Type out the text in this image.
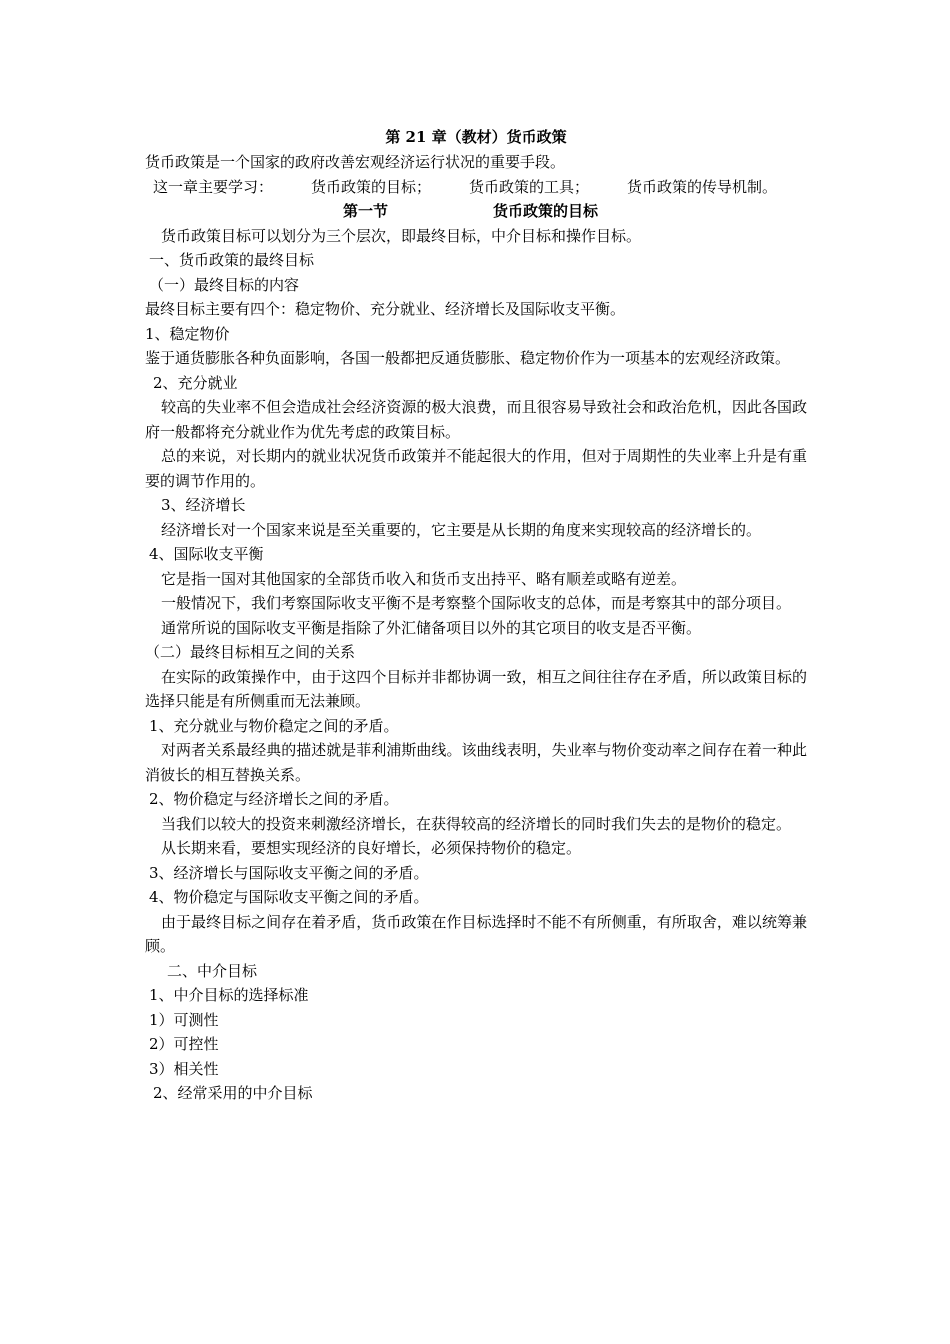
第 21 章（教材）货币政策
货币政策是一个国家的政府改善宏观经济运行状况的重要手段。
这一章主要学习：	货币政策的目标；	货币政策的工具；	货币政策的传导机制。
第一节	货币政策的目标
货币政策目标可以划分为三个层次，即最终目标，中介目标和操作目标。
一、货币政策的最终目标
（一）最终目标的内容
最终目标主要有四个：稳定物价、充分就业、经济增长及国际收支平衡。
1、稳定物价
鉴于通货膨胀各种负面影响，各国一般都把反通货膨胀、稳定物价作为一项基本的宏观经济政策。
2、充分就业
较高的失业率不但会造成社会经济资源的极大浪费，而且很容易导致社会和政治危机，因此各国政府一般都将充分就业作为优先考虑的政策目标。
总的来说，对长期内的就业状况货币政策并不能起很大的作用，但对于周期性的失业率上升是有重要的调节作用的。
3、经济增长
经济增长对一个国家来说是至关重要的，它主要是从长期的角度来实现较高的经济增长的。
4、国际收支平衡
它是指一国对其他国家的全部货币收入和货币支出持平、略有顺差或略有逆差。
一般情况下，我们考察国际收支平衡不是考察整个国际收支的总体，而是考察其中的部分项目。
通常所说的国际收支平衡是指除了外汇储备项目以外的其它项目的收支是否平衡。
（二）最终目标相互之间的关系
在实际的政策操作中，由于这四个目标并非都协调一致，相互之间往往存在矛盾，所以政策目标的选择只能是有所侧重而无法兼顾。
1、充分就业与物价稳定之间的矛盾。
对两者关系最经典的描述就是菲利浦斯曲线。该曲线表明，失业率与物价变动率之间存在着一种此消彼长的相互替换关系。
2、物价稳定与经济增长之间的矛盾。
当我们以较大的投资来刺激经济增长，在获得较高的经济增长的同时我们失去的是物价的稳定。
从长期来看，要想实现经济的良好增长，必须保持物价的稳定。
3、经济增长与国际收支平衡之间的矛盾。
4、物价稳定与国际收支平衡之间的矛盾。
由于最终目标之间存在着矛盾，货币政策在作目标选择时不能不有所侧重，有所取舍，难以统筹兼顾。
二、中介目标
1、中介目标的选择标准
1）可测性
2）可控性
3）相关性
2、经常采用的中介目标
